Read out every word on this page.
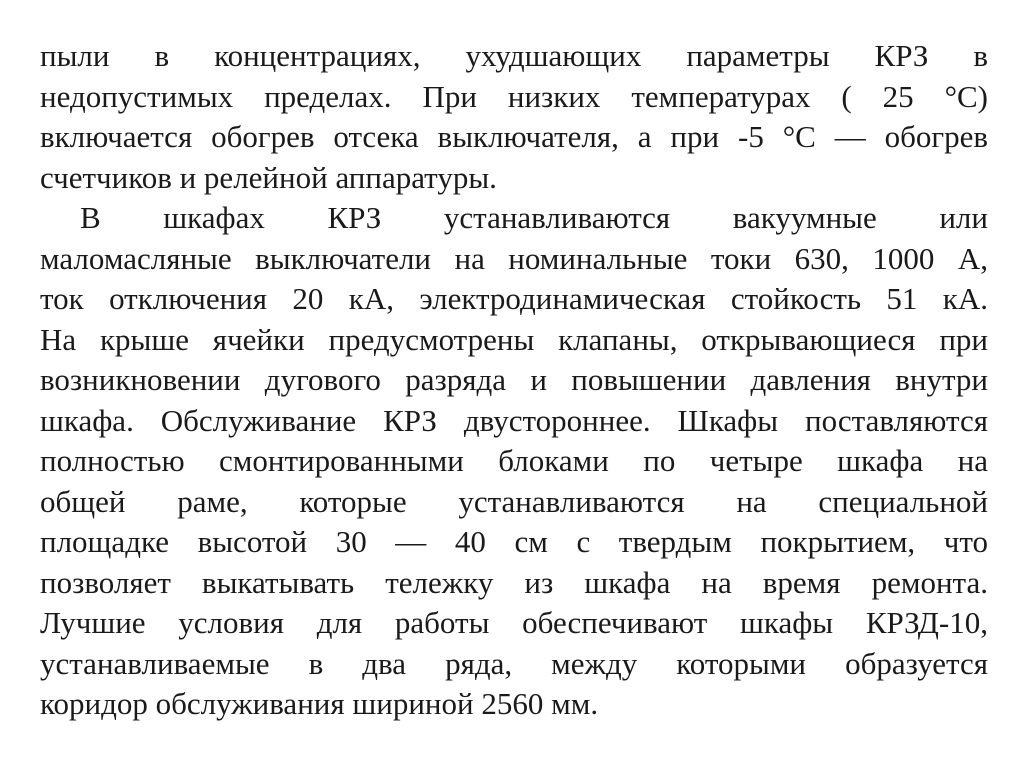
пыли в концентрациях, ухудшающих параметры КРЗ в
недопустимых пределах. При низких температурах ( 25 °С)
включается обогрев отсека выключателя, а при -5 °С — обогрев
счетчиков и релейной аппаратуры.
В шкафах КРЗ устанавливаются вакуумные или
маломасляные выключатели на номинальные токи 630, 1000 А,
ток отключения 20 кА, электродинамическая стойкость 51 кА.
На крыше ячейки предусмотрены клапаны, открывающиеся при
возникновении дугового разряда и повышении давления внутри
шкафа. Обслуживание КРЗ двустороннее. Шкафы поставляются
полностью смонтированными блоками по четыре шкафа на
общей раме, которые устанавливаются на специальной
площадке высотой 30 — 40 см с твердым покрытием, что
позволяет выкатывать тележку из шкафа на время ремонта.
Лучшие условия для работы обеспечивают шкафы КРЗД-10,
устанавливаемые в два ряда, между которыми образуется
коридор обслуживания шириной 2560 мм.
